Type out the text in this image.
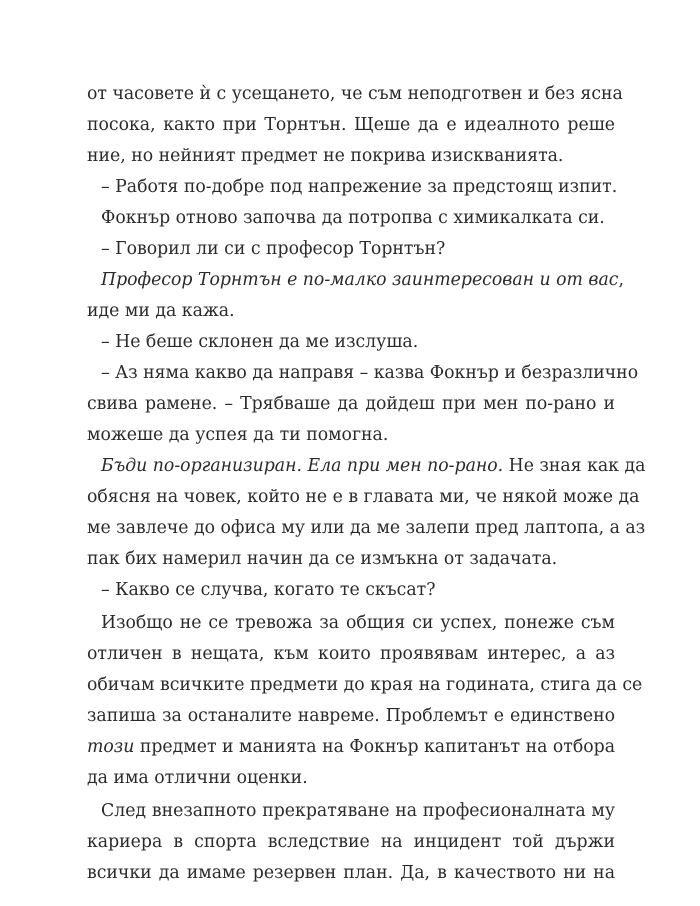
от часовете ѝ с усещането, че съм неподготвен и без ясна
посока, както при Торнтън. Щеше да е идеалното реше
ние, но нейният предмет не покрива изискванията.
– Работя по-добре под напрежение за предстоящ изпит.
Фокнър отново започва да потропва с химикалката си.
– Говорил ли си с професор Торнтън?
Професор Торнтън е по-малко заинтересован и от вас,
иде ми да кажа.
– Не беше склонен да ме изслуша.
– Аз няма какво да направя – казва Фокнър и безразлично
свива рамене. – Трябваше да дойдеш при мен по-рано и
можеше да успея да ти помогна.
Бъди по-организиран. Ела при мен по-рано. Не зная как да
обясня на човек, който не е в главата ми, че някой може да
ме завлече до офиса му или да ме залепи пред лаптопа, а аз
пак бих намерил начин да се измъкна от задачата.
– Какво се случва, когато те скъсат?
Изобщо не се тревожа за общия си успех, понеже съм
отличен в нещата, към които проявявам интерес, а аз
обичам всичките предмети до края на годината, стига да се
запиша за останалите навреме. Проблемът е единствено
този предмет и манията на Фокнър капитанът на отбора
да има отлични оценки.
След внезапното прекратяване на професионалната му
кариера в спорта вследствие на инцидент той държи
всички да имаме резервен план. Да, в качеството ни на
